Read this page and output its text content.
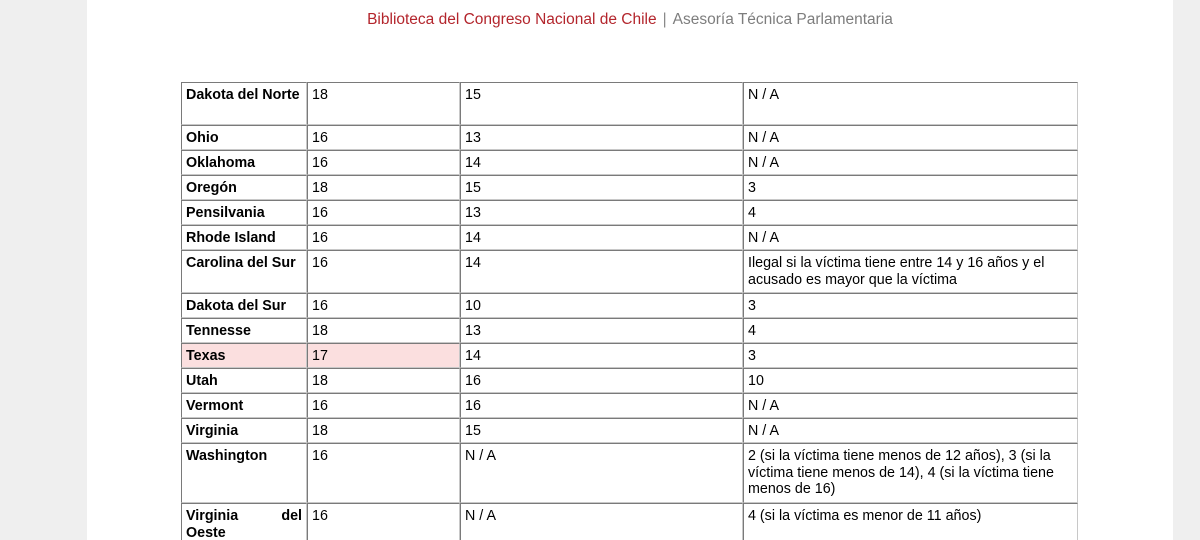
Biblioteca del Congreso Nacional de Chile | Asesoría Técnica Parlamentaria
Dakota del Norte	18	15	N / A
Ohio	16	13	N / A
Oklahoma	16	14	N / A
Oregón	18	15	3
Pensilvania	16	13	4
Rhode Island	16	14	N / A
Carolina del Sur	16	14	Ilegal si la víctima tiene entre 14 y 16 años y el acusado es mayor que la víctima
Dakota del Sur	16	10	3
Tennesse	18	13	4
Texas	17	14	3
Utah	18	16	10
Vermont	16	16	N / A
Virginia	18	15	N / A
Washington	16	N / A	2 (si la víctima tiene menos de 12 años), 3 (si la víctima tiene menos de 14), 4 (si la víctima tiene menos de 16)
Virginia del Oeste	16	N / A	4 (si la víctima es menor de 11 años)
